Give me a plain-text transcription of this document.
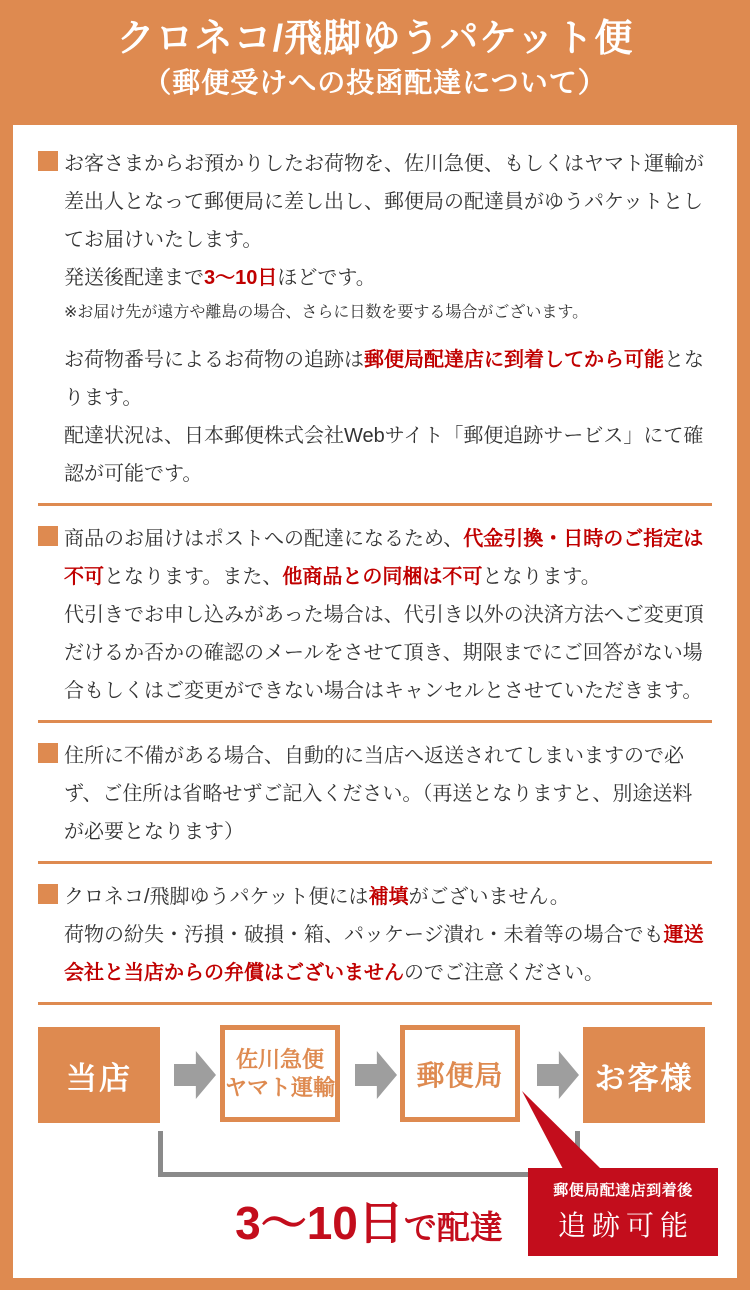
クロネコ/飛脚ゆうパケット便
（郵便受けへの投函配達について）

お客さまからお預かりしたお荷物を、佐川急便、もしくはヤマト運輸が差出人となって郵便局に差し出し、郵便局の配達員がゆうパケットとしてお届けいたします。

発送後配達まで3〜10日ほどです。

※お届け先が遠方や離島の場合、さらに日数を要する場合がございます。

お荷物番号によるお荷物の追跡は郵便局配達店に到着してから可能となります。

配達状況は、日本郵便株式会社Webサイト「郵便追跡サービス」にて確認が可能です。

商品のお届けはポストへの配達になるため、代金引換・日時のご指定は不可となります。また、他商品との同梱は不可となります。

代引きでお申し込みがあった場合は、代引き以外の決済方法へご変更頂だけるか否かの確認のメールをさせて頂き、期限までにご回答がない場合もしくはご変更ができない場合はキャンセルとさせていただきます。

住所に不備がある場合、自動的に当店へ返送されてしまいますので必ず、ご住所は省略せずご記入ください。（再送となりますと、別途送料が必要となります）

クロネコ/飛脚ゆうパケット便には補填がございません。

荷物の紛失・汚損・破損・箱、パッケージ潰れ・未着等の場合でも運送会社と当店からの弁償はございませんのでご注意ください。

当店
佐川急便
ヤマト運輸	郵便局	お客様
3〜10日で配達
郵便局配達店到着後
追跡可能
